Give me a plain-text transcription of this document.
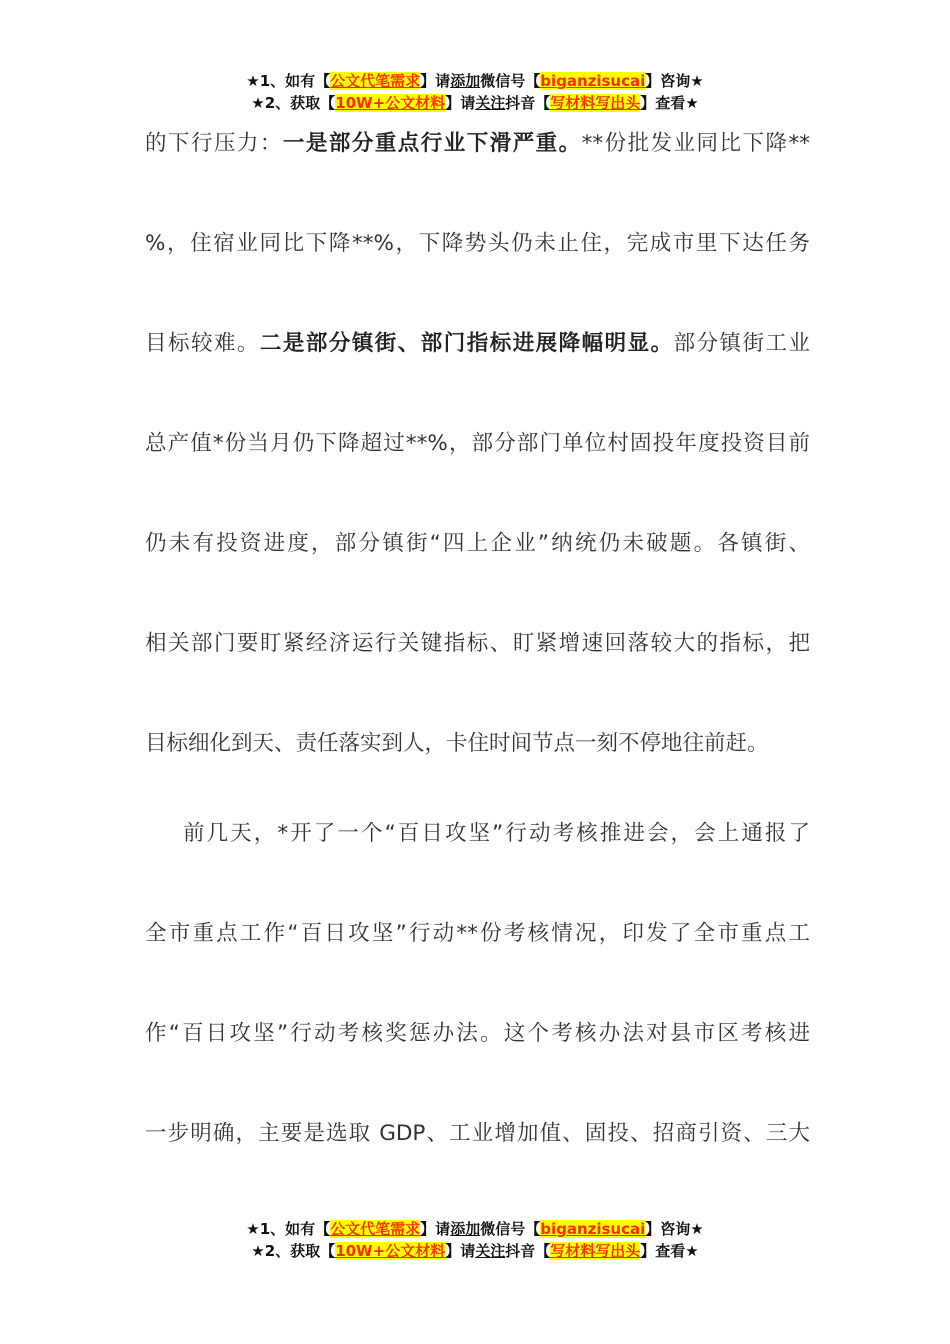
★1、如有【公文代笔需求】请添加微信号【biganzisucai】咨询★
★2、获取【10W+公文材料】请关注抖音【写材料写出头】查看★
的下行压力：一是部分重点行业下滑严重。**份批发业同比下降**
%，住宿业同比下降**%，下降势头仍未止住，完成市里下达任务
目标较难。二是部分镇街、部门指标进展降幅明显。部分镇街工业
总产值*份当月仍下降超过**%，部分部门单位村固投年度投资目前
仍未有投资进度，部分镇街“四上企业”纳统仍未破题。各镇街、
相关部门要盯紧经济运行关键指标、盯紧增速回落较大的指标，把
目标细化到天、责任落实到人，卡住时间节点一刻不停地往前赶。
前几天，*开了一个“百日攻坚”行动考核推进会，会上通报了
全市重点工作“百日攻坚”行动**份考核情况，印发了全市重点工
作“百日攻坚”行动考核奖惩办法。这个考核办法对县市区考核进
一步明确，主要是选取 GDP、工业增加值、固投、招商引资、三大
★1、如有【公文代笔需求】请添加微信号【biganzisucai】咨询★
★2、获取【10W+公文材料】请关注抖音【写材料写出头】查看★
